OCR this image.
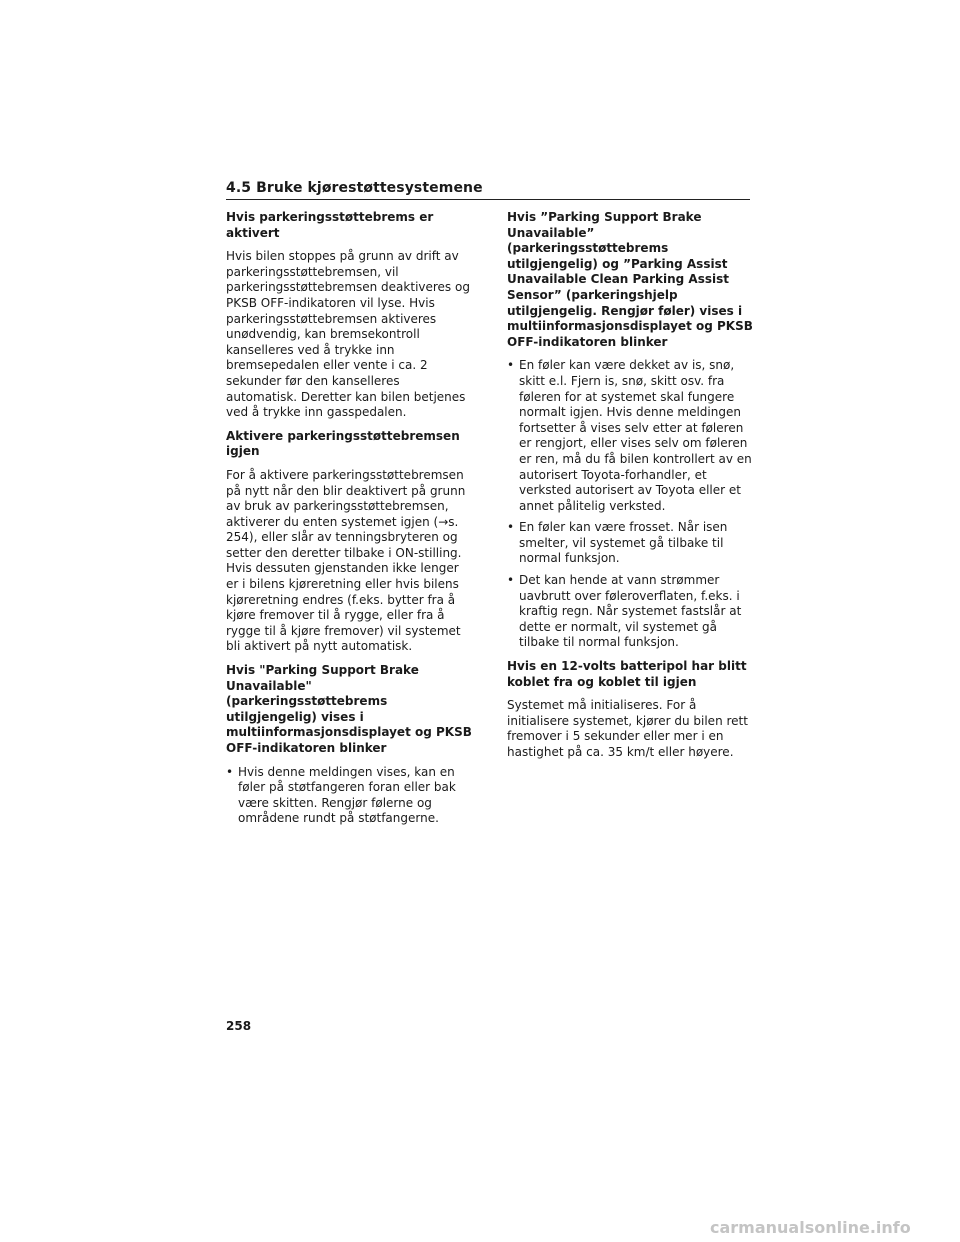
4.5 Bruke kjørestøttesystemene
Hvis parkeringsstøttebrems er aktivert

Hvis bilen stoppes på grunn av drift av parkeringsstøttebremsen, vil parkeringsstøttebremsen deaktiveres og PKSB OFF-indikatoren vil lyse. Hvis parkeringsstøttebremsen aktiveres unødvendig, kan bremsekontroll kanselleres ved å trykke inn bremsepedalen eller vente i ca. 2 sekunder før den kanselleres automatisk. Deretter kan bilen betjenes ved å trykke inn gasspedalen.

Aktivere parkeringsstøttebremsen igjen

For å aktivere parkeringsstøttebremsen på nytt når den blir deaktivert på grunn av bruk av parkeringsstøttebremsen, aktiverer du enten systemet igjen (→s. 254), eller slår av tenningsbryteren og setter den deretter tilbake i ON-stilling. Hvis dessuten gjenstanden ikke lenger er i bilens kjøreretning eller hvis bilens kjøreretning endres (f.eks. bytter fra å kjøre fremover til å rygge, eller fra å rygge til å kjøre fremover) vil systemet bli aktivert på nytt automatisk.

Hvis "Parking Support Brake Unavailable" (parkeringsstøttebrems utilgjengelig) vises i multiinformasjonsdisplayet og PKSB OFF-indikatoren blinker
• Hvis denne meldingen vises, kan en føler på støtfangeren foran eller bak være skitten. Rengjør følerne og områdene rundt på støtfangerne.
Hvis ”Parking Support Brake Unavailable” (parkeringsstøttebrems utilgjengelig) og ”Parking Assist Unavailable Clean Parking Assist Sensor” (parkeringshjelp utilgjengelig. Rengjør føler) vises i multiinformasjonsdisplayet og PKSB OFF-indikatoren blinker
• En føler kan være dekket av is, snø, skitt e.l. Fjern is, snø, skitt osv. fra føleren for at systemet skal fungere normalt igjen. Hvis denne meldingen fortsetter å vises selv etter at føleren er rengjort, eller vises selv om føleren er ren, må du få bilen kontrollert av en autorisert Toyota-forhandler, et verksted autorisert av Toyota eller et annet pålitelig verksted.
• En føler kan være frosset. Når isen smelter, vil systemet gå tilbake til normal funksjon.
• Det kan hende at vann strømmer uavbrutt over føleroverflaten, f.eks. i kraftig regn. Når systemet fastslår at dette er normalt, vil systemet gå tilbake til normal funksjon.
Hvis en 12-volts batteripol har blitt koblet fra og koblet til igjen

Systemet må initialiseres. For å initialisere systemet, kjører du bilen rett fremover i 5 sekunder eller mer i en hastighet på ca. 35 km/t eller høyere.

258
carmanualsonline.info
